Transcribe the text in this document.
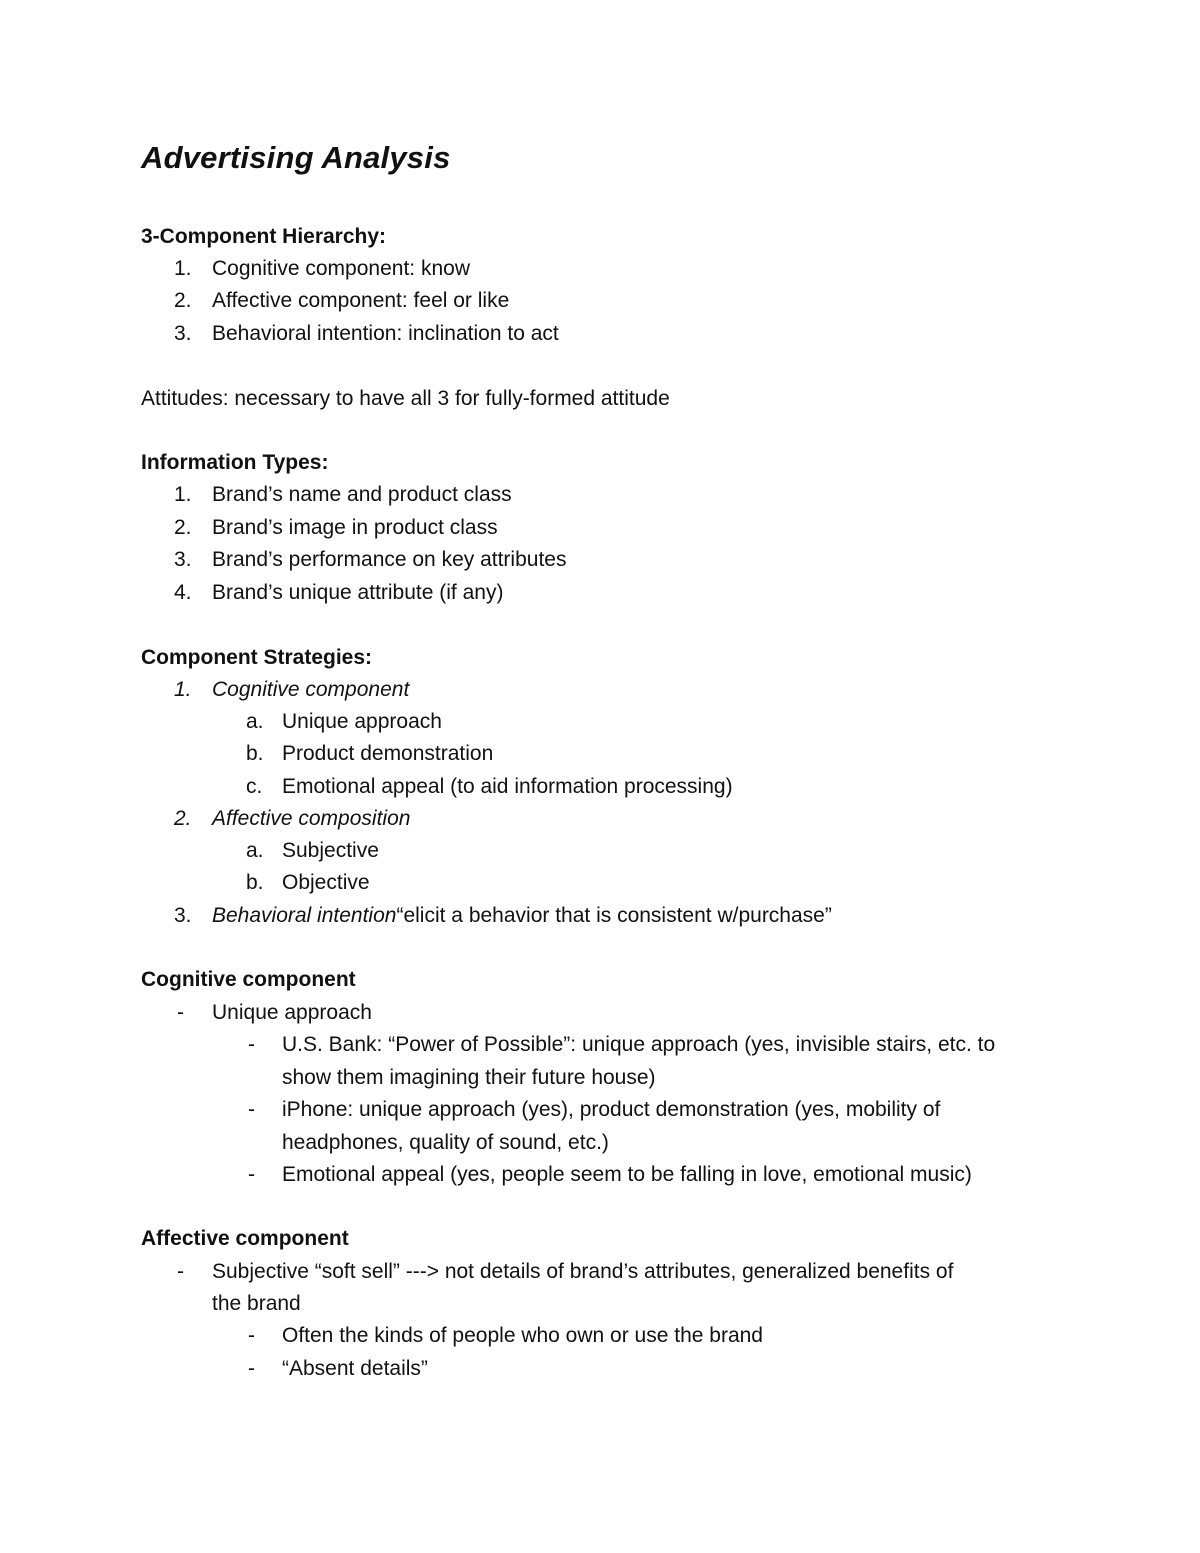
Advertising Analysis
3-Component Hierarchy:
1. Cognitive component: know
2. Affective component: feel or like
3. Behavioral intention: inclination to act
Attitudes: necessary to have all 3 for fully-formed attitude
Information Types:
1. Brand’s name and product class
2. Brand’s image in product class
3. Brand’s performance on key attributes
4. Brand’s unique attribute (if any)
Component Strategies:
1. Cognitive component
a. Unique approach
b. Product demonstration
c. Emotional appeal (to aid information processing)
2. Affective composition
a. Subjective
b. Objective
3. Behavioral intention“elicit a behavior that is consistent w/purchase”
Cognitive component
- Unique approach
- U.S. Bank: “Power of Possible”: unique approach (yes, invisible stairs, etc. to
show them imagining their future house)
- iPhone: unique approach (yes), product demonstration (yes, mobility of
headphones, quality of sound, etc.)
- Emotional appeal (yes, people seem to be falling in love, emotional music)
Affective component
- Subjective “soft sell” ---> not details of brand’s attributes, generalized benefits of
the brand
- Often the kinds of people who own or use the brand
- “Absent details”
